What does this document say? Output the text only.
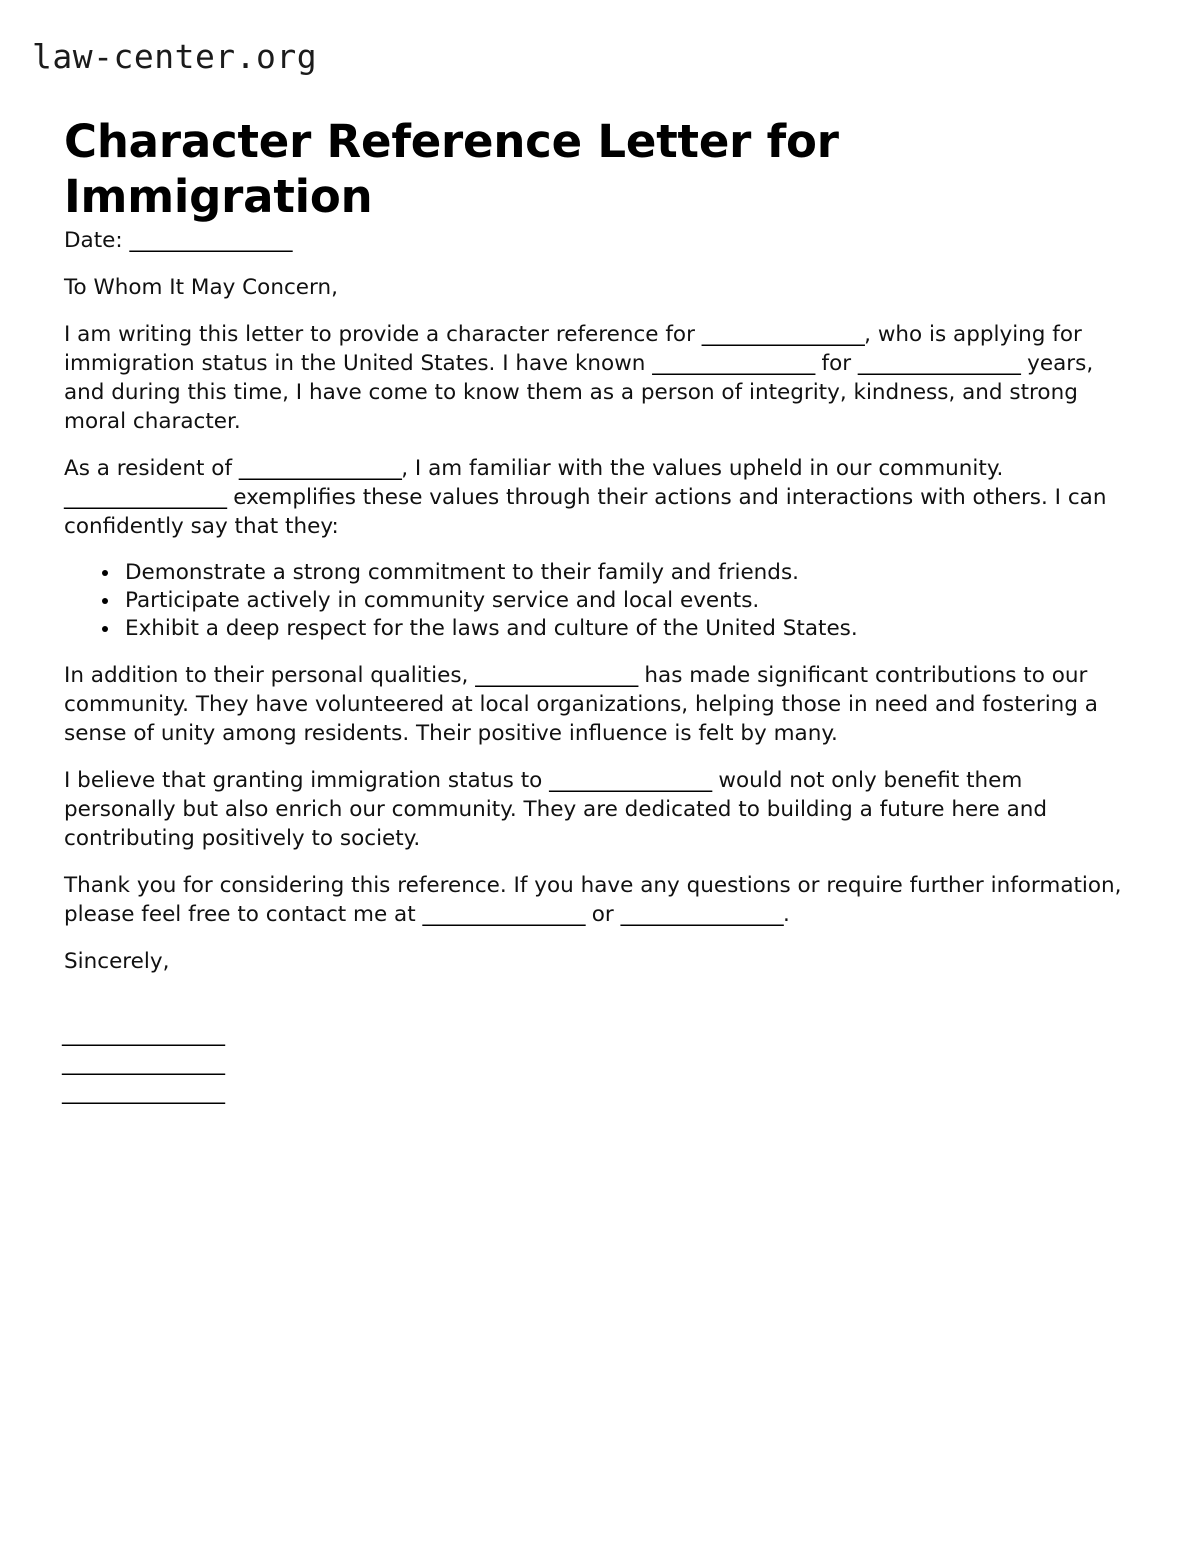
law-center.org
Character Reference Letter for Immigration

Date: ________________

To Whom It May Concern,

I am writing this letter to provide a character reference for ________________, who is applying for immigration status in the United States. I have known ________________ for ________________ years, and during this time, I have come to know them as a person of integrity, kindness, and strong moral character.

As a resident of ________________, I am familiar with the values upheld in our community. ________________ exemplifies these values through their actions and interactions with others. I can confidently say that they:

Demonstrate a strong commitment to their family and friends.
Participate actively in community service and local events.
Exhibit a deep respect for the laws and culture of the United States.

In addition to their personal qualities, ________________ has made significant contributions to our community. They have volunteered at local organizations, helping those in need and fostering a sense of unity among residents. Their positive influence is felt by many.

I believe that granting immigration status to ________________ would not only benefit them personally but also enrich our community. They are dedicated to building a future here and contributing positively to society.

Thank you for considering this reference. If you have any questions or require further information, please feel free to contact me at ________________ or ________________.

Sincerely,

________________
________________
________________
